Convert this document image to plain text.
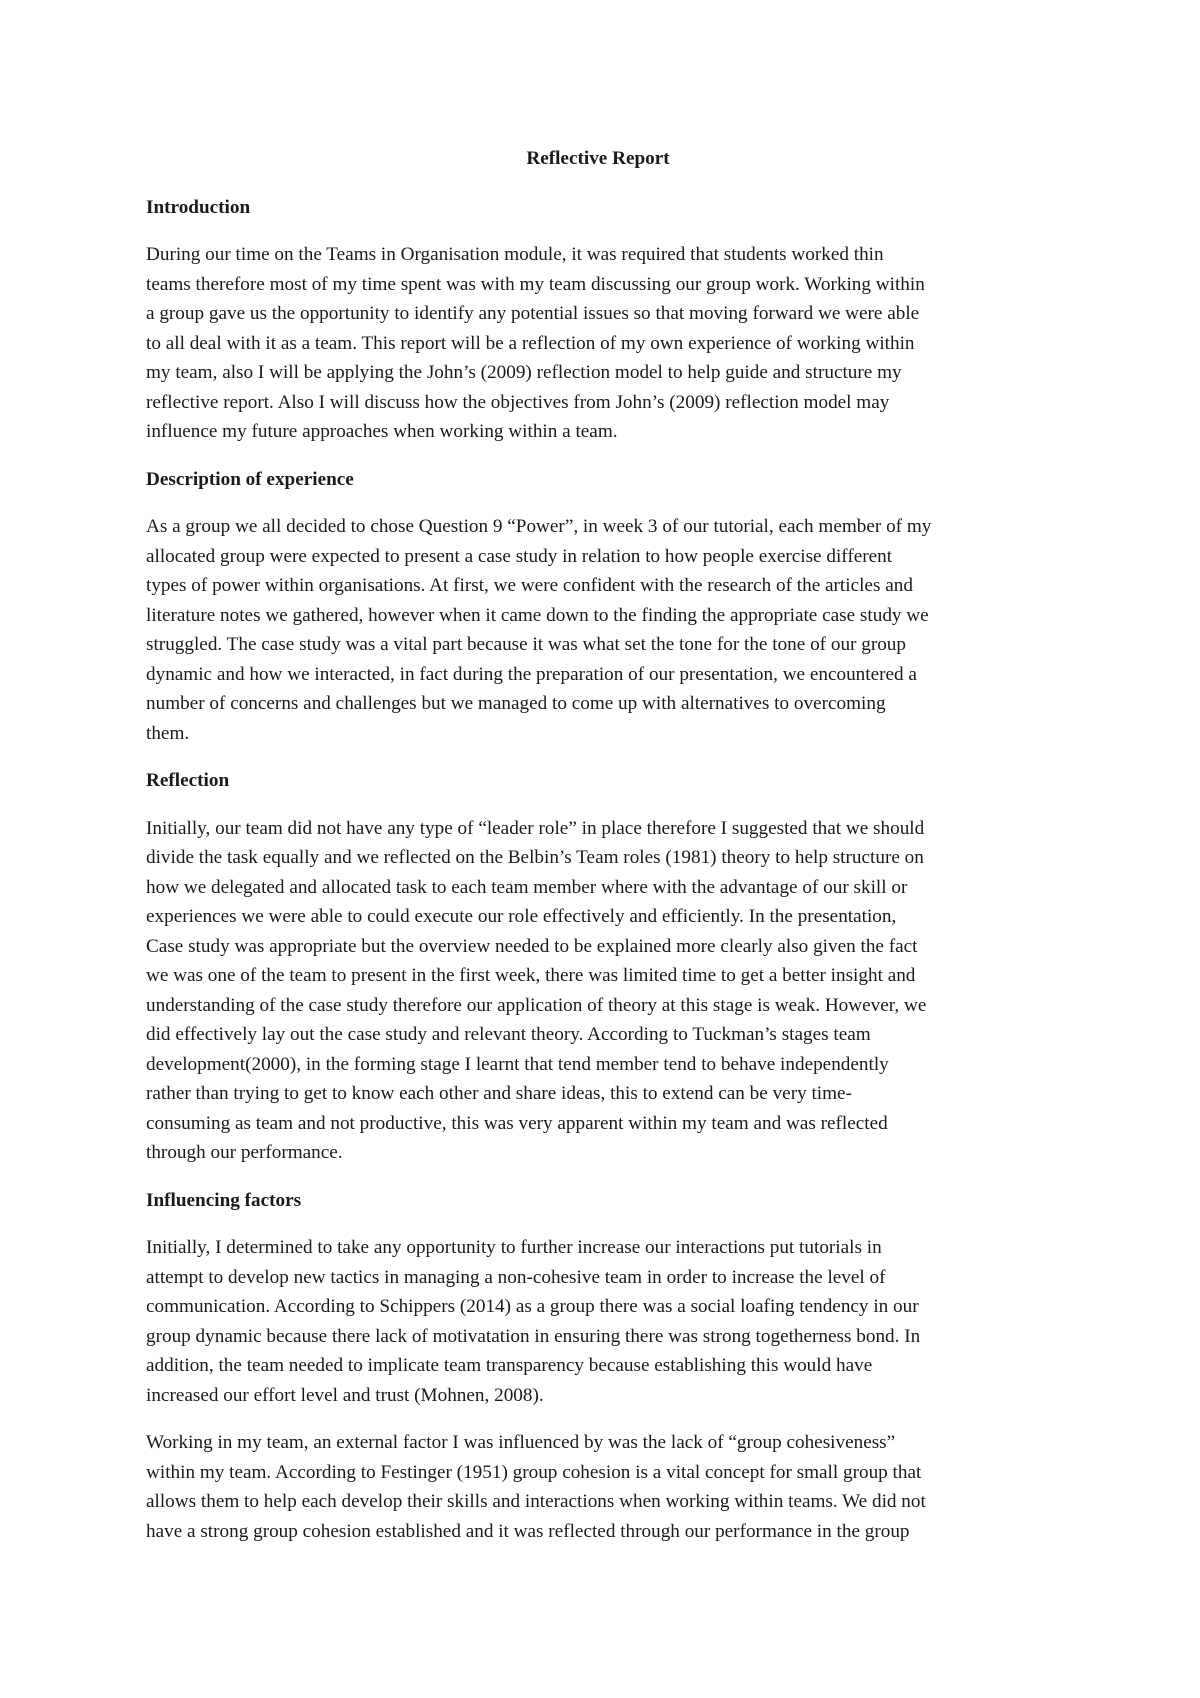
Reflective Report
Introduction
During our time on the Teams in Organisation module, it was required that students worked thin
teams therefore most of my time spent was with my team discussing our group work. Working within
a group gave us the opportunity to identify any potential issues so that moving forward we were able
to all deal with it as a team. This report will be a reflection of my own experience of working within
my team, also I will be applying the John’s (2009) reflection model to help guide and structure my
reflective report. Also I will discuss how the objectives from John’s (2009) reflection model may
influence my future approaches when working within a team.
Description of experience
As a group we all decided to chose Question 9 “Power”, in week 3 of our tutorial, each member of my
allocated group were expected to present a case study in relation to how people exercise different
types of power within organisations. At first, we were confident with the research of the articles and
literature notes we gathered, however when it came down to the finding the appropriate case study we
struggled. The case study was a vital part because it was what set the tone for the tone of our group
dynamic and how we interacted, in fact during the preparation of our presentation, we encountered a
number of concerns and challenges but we managed to come up with alternatives to overcoming
them.
Reflection
Initially, our team did not have any type of “leader role” in place therefore I suggested that we should
divide the task equally and we reflected on the Belbin’s Team roles (1981) theory to help structure on
how we delegated and allocated task to each team member where with the advantage of our skill or
experiences we were able to could execute our role effectively and efficiently. In the presentation,
Case study was appropriate but the overview needed to be explained more clearly also given the fact
we was one of the team to present in the first week, there was limited time to get a better insight and
understanding of the case study therefore our application of theory at this stage is weak. However, we
did effectively lay out the case study and relevant theory. According to Tuckman’s stages team
development(2000), in the forming stage I learnt that tend member tend to behave independently
rather than trying to get to know each other and share ideas, this to extend can be very time-
consuming as team and not productive, this was very apparent within my team and was reflected
through our performance.
Influencing factors
Initially, I determined to take any opportunity to further increase our interactions put tutorials in
attempt to develop new tactics in managing a non-cohesive team in order to increase the level of
communication. According to Schippers (2014) as a group there was a social loafing tendency in our
group dynamic because there lack of motivatation in ensuring there was strong togetherness bond. In
addition, the team needed to implicate team transparency because establishing this would have
increased our effort level and trust (Mohnen, 2008).
Working in my team, an external factor I was influenced by was the lack of “group cohesiveness”
within my team. According to Festinger (1951) group cohesion is a vital concept for small group that
allows them to help each develop their skills and interactions when working within teams. We did not
have a strong group cohesion established and it was reflected through our performance in the group
